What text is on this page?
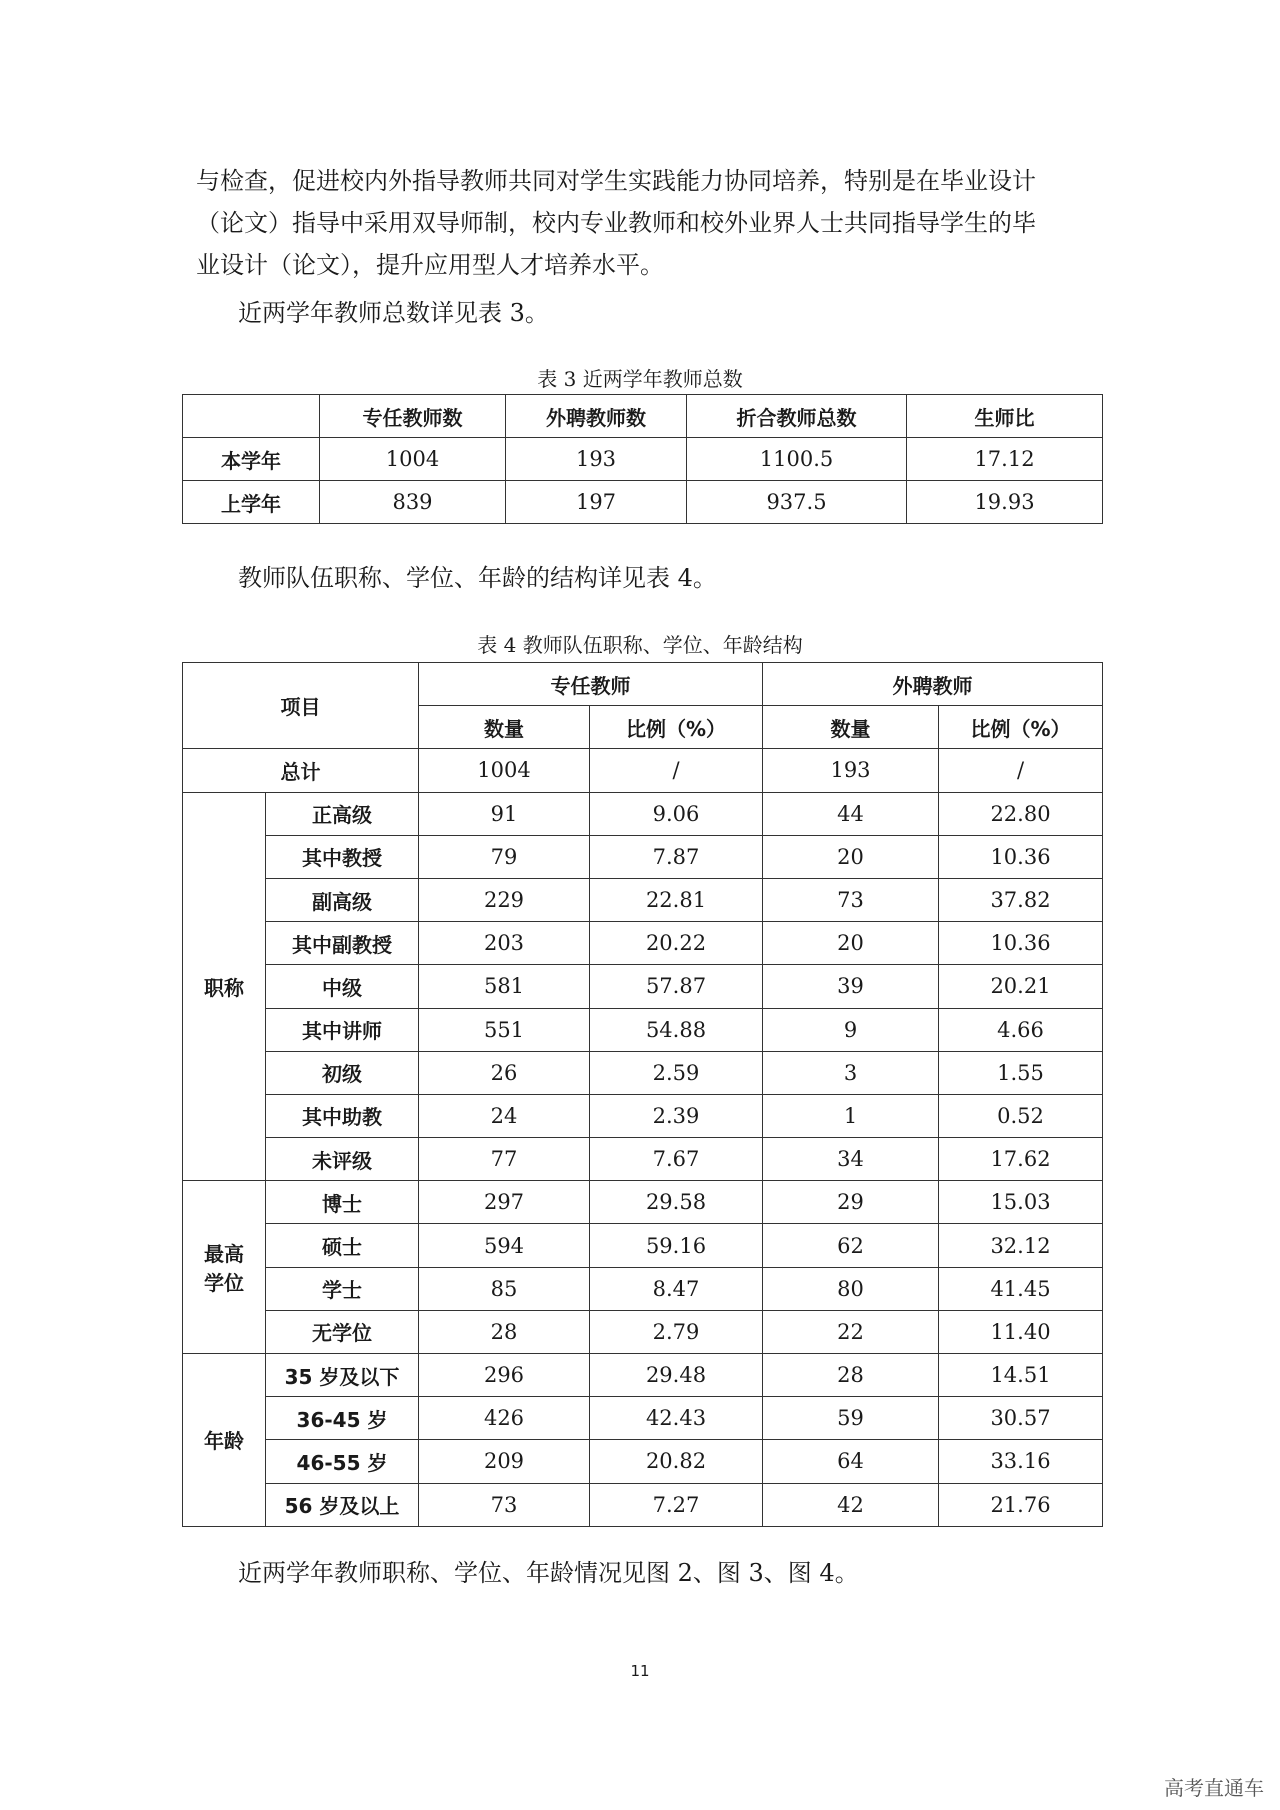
与检查，促进校内外指导教师共同对学生实践能力协同培养，特别是在毕业设计
（论文）指导中采用双导师制，校内专业教师和校外业界人士共同指导学生的毕
业设计（论文），提升应用型人才培养水平。

近两学年教师总数详见表 3。

表 3 近两学年教师总数
	专任教师数	外聘教师数	折合教师总数	生师比
本学年	1004	193	1100.5	17.12
上学年	839	197	937.5	19.93

教师队伍职称、学位、年龄的结构详见表 4。

表 4 教师队伍职称、学位、年龄结构
项目		专任教师		外聘教师	
		数量	比例（%）	数量	比例（%）
总计		1004	/	193	/
职称	正高级	91	9.06	44	22.80
	其中教授	79	7.87	20	10.36
	副高级	229	22.81	73	37.82
	其中副教授	203	20.22	20	10.36
	中级	581	57.87	39	20.21
	其中讲师	551	54.88	9	4.66
	初级	26	2.59	3	1.55
	其中助教	24	2.39	1	0.52
	未评级	77	7.67	34	17.62

最高
学位	博士	297	29.58	29	15.03
	硕士	594	59.16	62	32.12
	学士	85	8.47	80	41.45
	无学位	28	2.79	22	11.40
年龄	35 岁及以下	296	29.48	28	14.51
	36-45 岁	426	42.43	59	30.57
	46-55 岁	209	20.82	64	33.16
	56 岁及以上	73	7.27	42	21.76

近两学年教师职称、学位、年龄情况见图 2、图 3、图 4。

11
高考直通车
